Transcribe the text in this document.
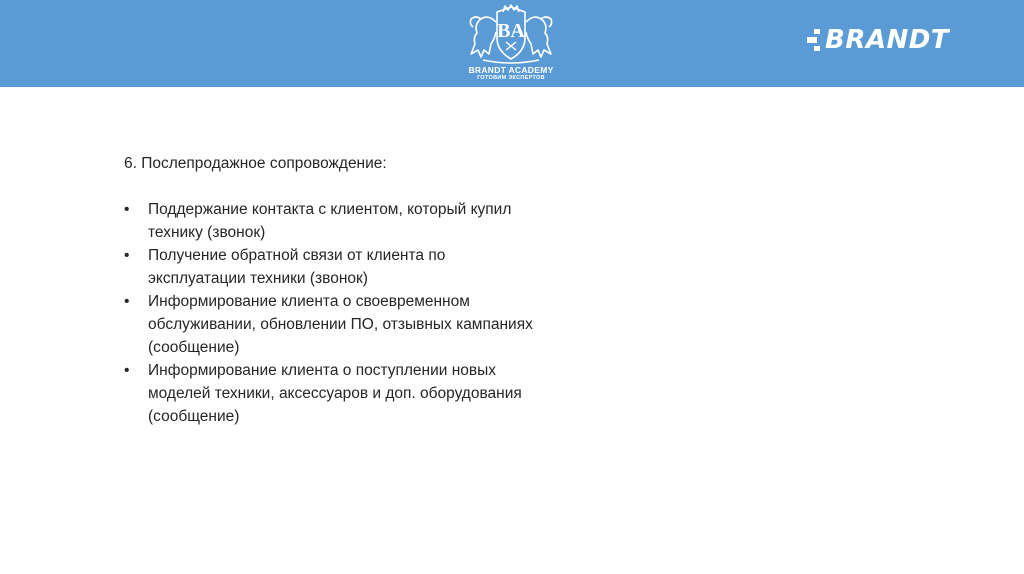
BA
BRANDT ACADEMY
ГОТОВИМ ЭКСПЕРТОВ
BRANDT

6. Послепродажное сопровождение:

• Поддержание контакта с клиентом, который купил технику (звонок)
• Получение обратной связи от клиента по эксплуатации техники (звонок)
• Информирование клиента о своевременном обслуживании, обновлении ПО, отзывных кампаниях (сообщение)
• Информирование клиента о поступлении новых моделей техники, аксессуаров и доп. оборудования (сообщение)
